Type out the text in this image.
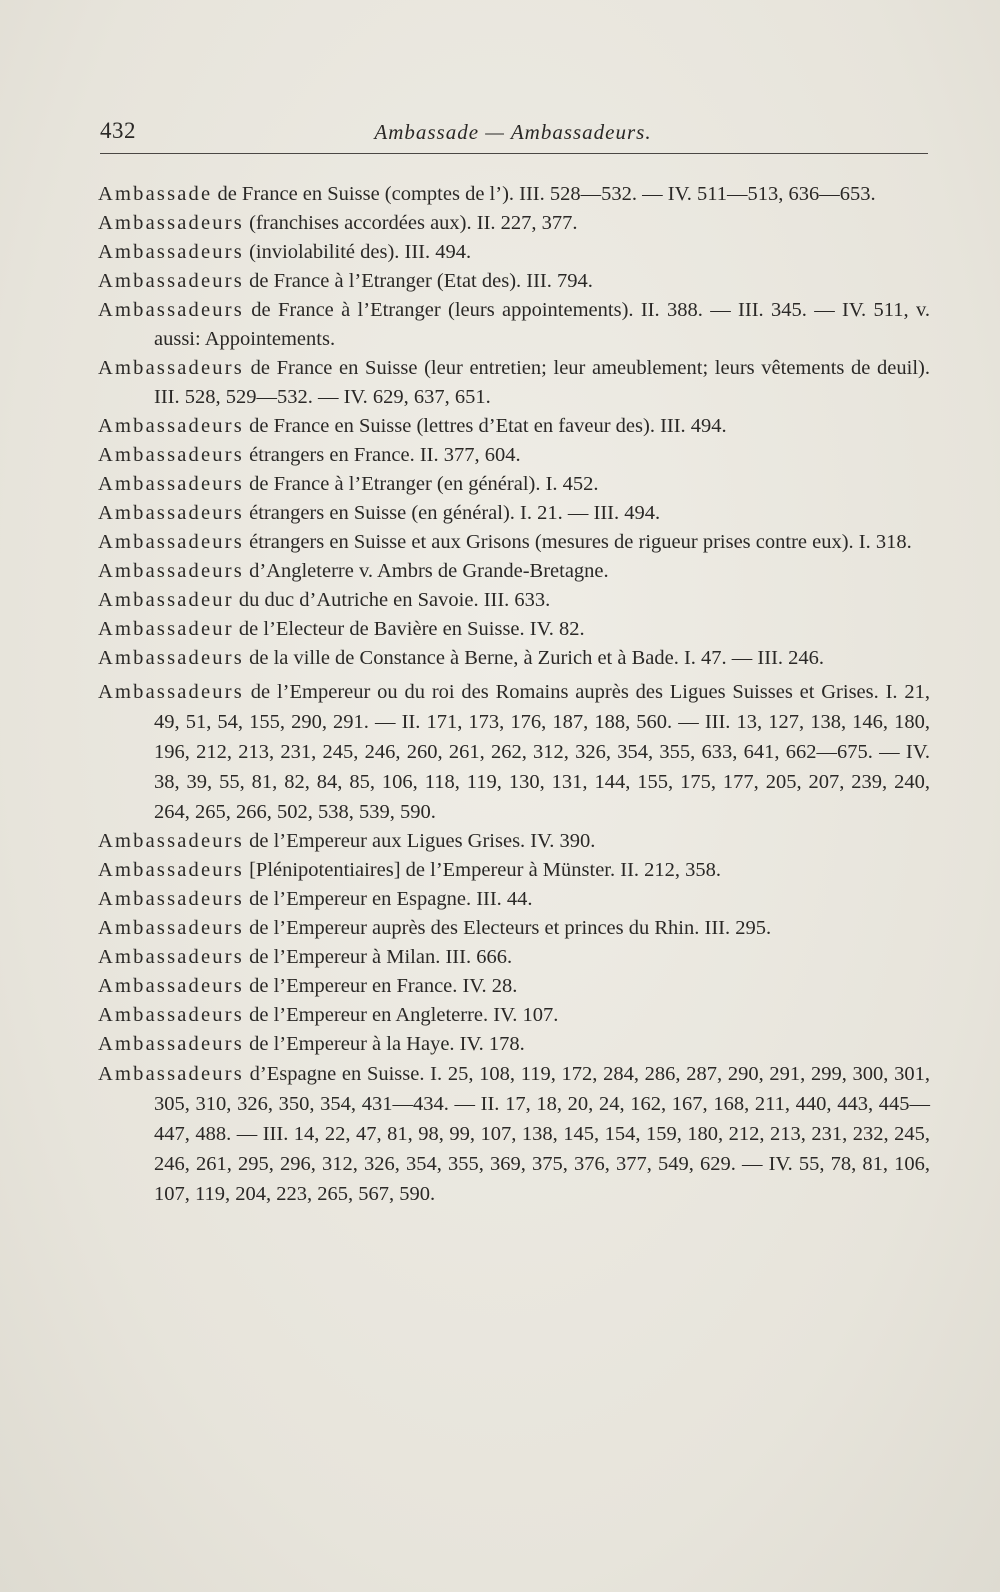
432	Ambassade — Ambassadeurs.
Ambassade de France en Suisse (comptes de l’). III. 528—532. — IV. 511—513, 636—653.
Ambassadeurs (franchises accordées aux). II. 227, 377.
Ambassadeurs (inviolabilité des). III. 494.
Ambassadeurs de France à l’Etranger (Etat des). III. 794.
Ambassadeurs de France à l’Etranger (leurs appointements). II. 388. — III. 345. — IV. 511, v. aussi: Appointements.
Ambassadeurs de France en Suisse (leur entretien; leur ameublement; leurs vêtements de deuil). III. 528, 529—532. — IV. 629, 637, 651.
Ambassadeurs de France en Suisse (lettres d’Etat en faveur des). III. 494.
Ambassadeurs étrangers en France. II. 377, 604.
Ambassadeurs de France à l’Etranger (en général). I. 452.
Ambassadeurs étrangers en Suisse (en général). I. 21. — III. 494.
Ambassadeurs étrangers en Suisse et aux Grisons (mesures de rigueur prises contre eux). I. 318.
Ambassadeurs d’Angleterre v. Ambrs de Grande-Bretagne.
Ambassadeur du duc d’Autriche en Savoie. III. 633.
Ambassadeur de l’Electeur de Bavière en Suisse. IV. 82.
Ambassadeurs de la ville de Constance à Berne, à Zurich et à Bade. I. 47. — III. 246.
Ambassadeurs de l’Empereur ou du roi des Romains auprès des Ligues Suisses et Grises. I. 21, 49, 51, 54, 155, 290, 291. — II. 171, 173, 176, 187, 188, 560. — III. 13, 127, 138, 146, 180, 196, 212, 213, 231, 245, 246, 260, 261, 262, 312, 326, 354, 355, 633, 641, 662—675. — IV. 38, 39, 55, 81, 82, 84, 85, 106, 118, 119, 130, 131, 144, 155, 175, 177, 205, 207, 239, 240, 264, 265, 266, 502, 538, 539, 590.
Ambassadeurs de l’Empereur aux Ligues Grises. IV. 390.
Ambassadeurs [Plénipotentiaires] de l’Empereur à Münster. II. 212, 358.
Ambassadeurs de l’Empereur en Espagne. III. 44.
Ambassadeurs de l’Empereur auprès des Electeurs et princes du Rhin. III. 295.
Ambassadeurs de l’Empereur à Milan. III. 666.
Ambassadeurs de l’Empereur en France. IV. 28.
Ambassadeurs de l’Empereur en Angleterre. IV. 107.
Ambassadeurs de l’Empereur à la Haye. IV. 178.
Ambassadeurs d’Espagne en Suisse. I. 25, 108, 119, 172, 284, 286, 287, 290, 291, 299, 300, 301, 305, 310, 326, 350, 354, 431—434. — II. 17, 18, 20, 24, 162, 167, 168, 211, 440, 443, 445—447, 488. — III. 14, 22, 47, 81, 98, 99, 107, 138, 145, 154, 159, 180, 212, 213, 231, 232, 245, 246, 261, 295, 296, 312, 326, 354, 355, 369, 375, 376, 377, 549, 629. — IV. 55, 78, 81, 106, 107, 119, 204, 223, 265, 567, 590.
